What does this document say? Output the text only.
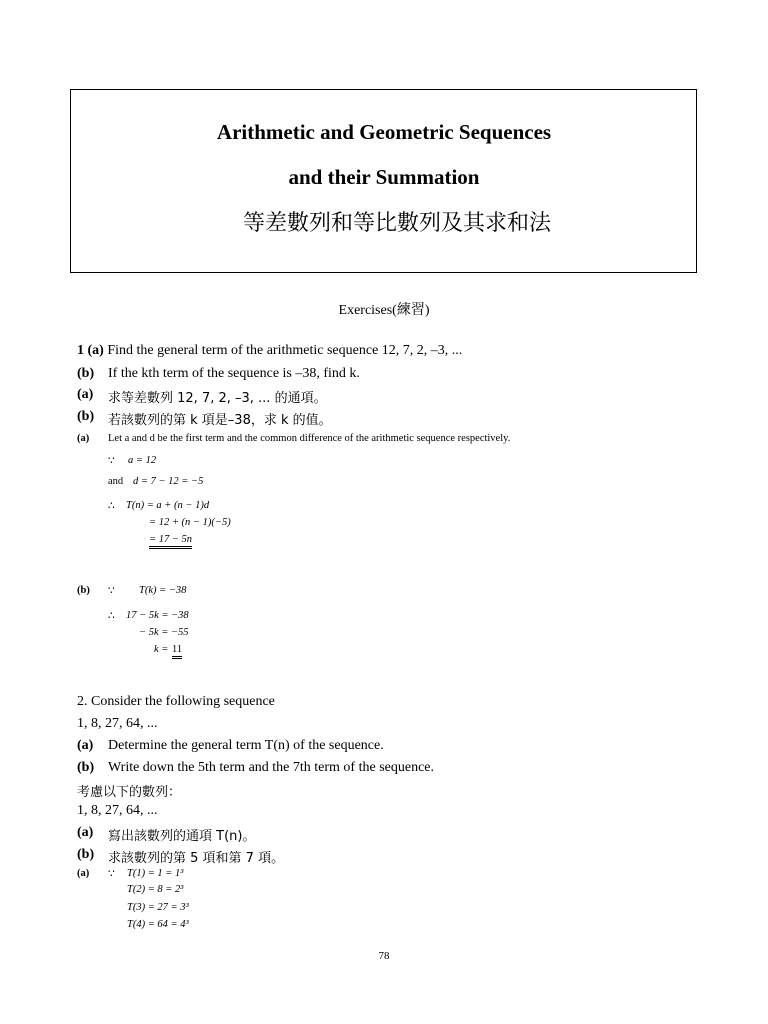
Arithmetic and Geometric Sequences
and their Summation
等差數列和等比數列及其求和法
Exercises(練習)
1 (a) Find the general term of the arithmetic sequence 12, 7, 2, –3, ...
(b) If the kth term of the sequence is –38, find k.
(a) 求等差數列 12, 7, 2, –3, ... 的通項。
(b) 若該數列的第 k 項是–38，求 k 的值。
(a) Let a and d be the first term and the common difference of the arithmetic sequence respectively.
∵ a = 12
and d = 7 − 12 = −5
∴ T(n) = a + (n − 1)d
= 12 + (n − 1)(−5)
= 17 − 5n
(b) ∵ T(k) = −38
∴ 17 − 5k = −38
− 5k = −55
k = 11
2. Consider the following sequence
1, 8, 27, 64, ...
(a) Determine the general term T(n) of the sequence.
(b) Write down the 5th term and the 7th term of the sequence.
考慮以下的數列：
1, 8, 27, 64, ...
(a) 寫出該數列的通項 T(n)。
(b) 求該數列的第 5 項和第 7 項。
(a) ∵ T(1) = 1 = 1³
T(2) = 8 = 2³
T(3) = 27 = 3³
T(4) = 64 = 4³
78
